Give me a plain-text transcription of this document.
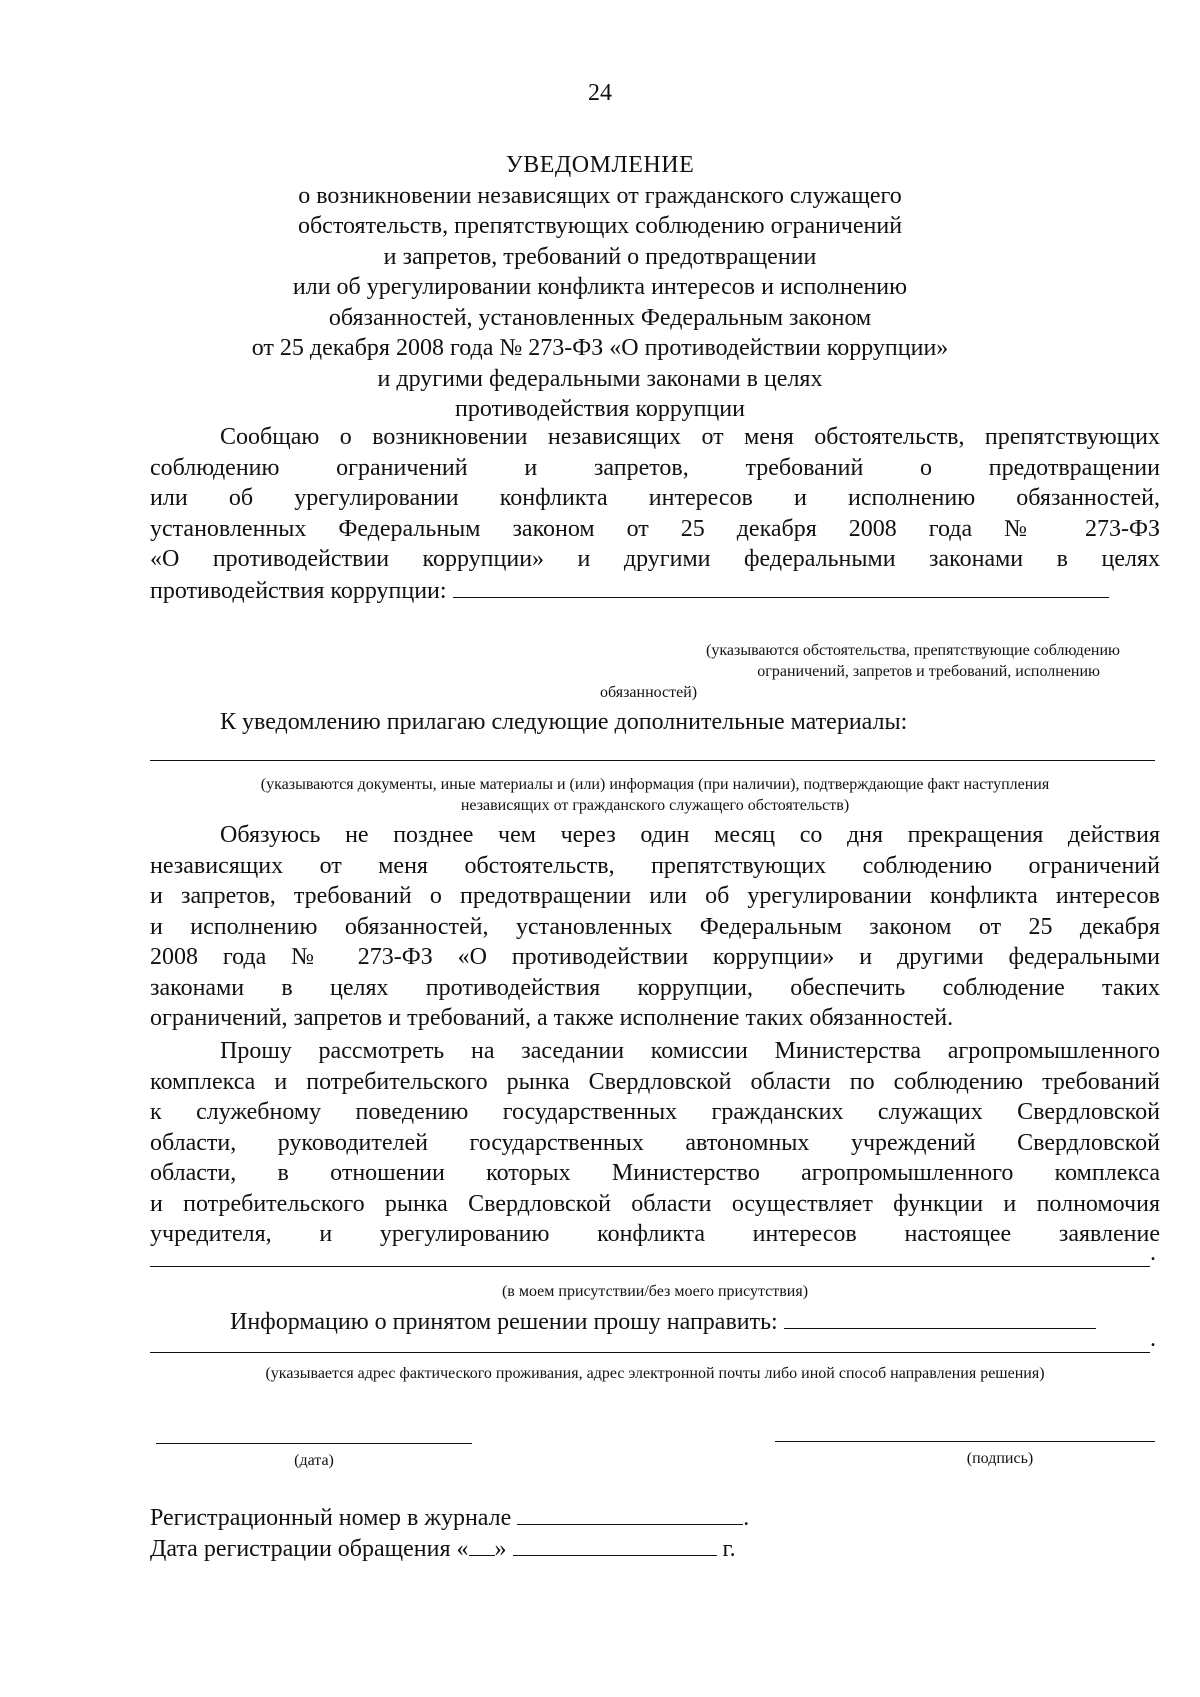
24
УВЕДОМЛЕНИЕ
о возникновении независящих от гражданского служащего
обстоятельств, препятствующих соблюдению ограничений
и запретов, требований о предотвращении
или об урегулировании конфликта интересов и исполнению
обязанностей, установленных Федеральным законом
от 25 декабря 2008 года № 273-ФЗ «О противодействии коррупции»
и другими федеральными законами в целях
противодействия коррупции
Сообщаю о возникновении независящих от меня обстоятельств, препятствующих
соблюдению ограничений и запретов, требований о предотвращении
или об урегулировании конфликта интересов и исполнению обязанностей,
установленных Федеральным законом от 25 декабря 2008 года № 273-ФЗ
«О противодействии коррупции» и другими федеральными законами в целях
противодействия коррупции:
(указываются обстоятельства, препятствующие соблюдению
ограничений, запретов и требований, исполнению
обязанностей)
К уведомлению прилагаю следующие дополнительные материалы:
(указываются документы, иные материалы и (или) информация (при наличии), подтверждающие факт наступления
независящих от гражданского служащего обстоятельств)
Обязуюсь не позднее чем через один месяц со дня прекращения действия
независящих от меня обстоятельств, препятствующих соблюдению ограничений
и запретов, требований о предотвращении или об урегулировании конфликта интересов
и исполнению обязанностей, установленных Федеральным законом от 25 декабря
2008 года № 273-ФЗ «О противодействии коррупции» и другими федеральными
законами в целях противодействия коррупции, обеспечить соблюдение таких
ограничений, запретов и требований, а также исполнение таких обязанностей.
Прошу рассмотреть на заседании комиссии Министерства агропромышленного
комплекса и потребительского рынка Свердловской области по соблюдению требований
к служебному поведению государственных гражданских служащих Свердловской
области, руководителей государственных автономных учреждений Свердловской
области, в отношении которых Министерство агропромышленного комплекса
и потребительского рынка Свердловской области осуществляет функции и полномочия
учредителя, и урегулированию конфликта интересов настоящее заявление
.
(в моем присутствии/без моего присутствия)
Информацию о принятом решении прошу направить:
.
(указывается адрес фактического проживания, адрес электронной почты либо иной способ направления решения)
(дата)	(подпись)
Регистрационный номер в журнале	.
Дата регистрации обращения « »	г.
